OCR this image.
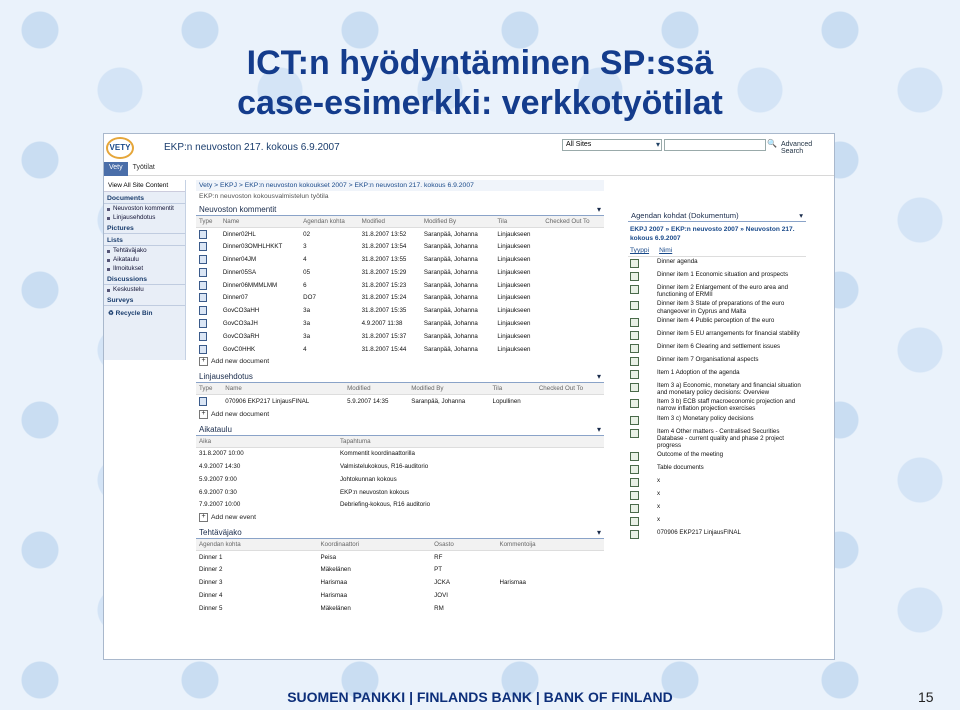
ICT:n hyödyntäminen SP:ssä
case-esimerkki: verkkotyötilat
VETY	EKP:n neuvoston 217. kokous 6.9.2007
Vety	Työtilat
All Sites ▾	🔍 Advanced Search
View All Site Content
Documents
Neuvoston kommentit
Linjausehdotus
Pictures
Lists
Tehtäväjako
Aikataulu
Ilmoitukset
Discussions
Keskustelu
Surveys
♻ Recycle Bin
Vety > EKPJ > EKP:n neuvoston kokoukset 2007 > EKP:n neuvoston 217. kokous 6.9.2007
EKP:n neuvoston kokousvalmistelun työtila
Neuvoston kommentit	▾
Type	Name	Agendan kohta	Modified	Modified By	Tila	Checked Out To
	Dinner02HL	02	31.8.2007 13:52	Saranpää, Johanna	Linjaukseen	
	Dinner03OMHLHKKT	3	31.8.2007 13:54	Saranpää, Johanna	Linjaukseen	
	Dinner04JM	4	31.8.2007 13:55	Saranpää, Johanna	Linjaukseen	
	Dinner05SA	05	31.8.2007 15:29	Saranpää, Johanna	Linjaukseen	
	Dinner06MMMLMM	6	31.8.2007 15:23	Saranpää, Johanna	Linjaukseen	
	Dinner07	DO7	31.8.2007 15:24	Saranpää, Johanna	Linjaukseen	
	GovCO3aHH	3a	31.8.2007 15:35	Saranpää, Johanna	Linjaukseen	
	GovCO3aJH	3a	4.9.2007 11:38	Saranpää, Johanna	Linjaukseen	
	GovCO3aRH	3a	31.8.2007 15:37	Saranpää, Johanna	Linjaukseen	
	GovC0HHK	4	31.8.2007 15:44	Saranpää, Johanna	Linjaukseen	
+ Add new document
Linjausehdotus	▾
Type	Name	Modified	Modified By	Tila	Checked Out To
	070906 EKP217 LinjausFINAL	5.9.2007 14:35	Saranpää, Johanna	Lopullinen	
+ Add new document
Aikataulu	▾
Aika	Tapahtuma
31.8.2007 10:00	Kommentit koordinaattorilla
4.9.2007 14:30	Valmistelukokous, R16-auditorio
5.9.2007 9:00	Johtokunnan kokous
6.9.2007 0:30	EKP:n neuvoston kokous
7.9.2007 10:00	Debriefing-kokous, R16 auditorio
+ Add new event
Tehtäväjako	▾
Agendan kohta	Koordinaattori	Osasto	Kommentoija
Dinner 1	Peisa	RF	
Dinner 2	Mäkelänen	PT	
Dinner 3	Harismaa	JCKA	Harismaa
Dinner 4	Harismaa	JOVI	
Dinner 5	Mäkelänen	RM	
Agendan kohdat (Dokumentum)	▾
EKPJ 2007 » EKP:n neuvosto 2007 » Neuvoston 217. kokous 6.9.2007
Tyyppi Nimi
Dinner agenda
Dinner item 1 Economic situation and prospects
Dinner item 2 Enlargement of the euro area and functioning of ERMII
Dinner item 3 State of preparations of the euro changeover in Cyprus and Malta
Dinner item 4 Public perception of the euro
Dinner item 5 EU arrangements for financial stability
Dinner item 6 Clearing and settlement issues
Dinner item 7 Organisational aspects
Item 1 Adoption of the agenda
Item 3 a) Economic, monetary and financial situation and monetary policy decisions: Overview
Item 3 b) ECB staff macroeconomic projection and narrow inflation projection exercises
Item 3 c) Monetary policy decisions
Item 4 Other matters - Centralised Securities Database - current quality and phase 2 project progress
Outcome of the meeting
Table documents
x
x
x
x
070906 EKP217 LinjausFINAL
SUOMEN PANKKI | FINLANDS BANK | BANK OF FINLAND	15
